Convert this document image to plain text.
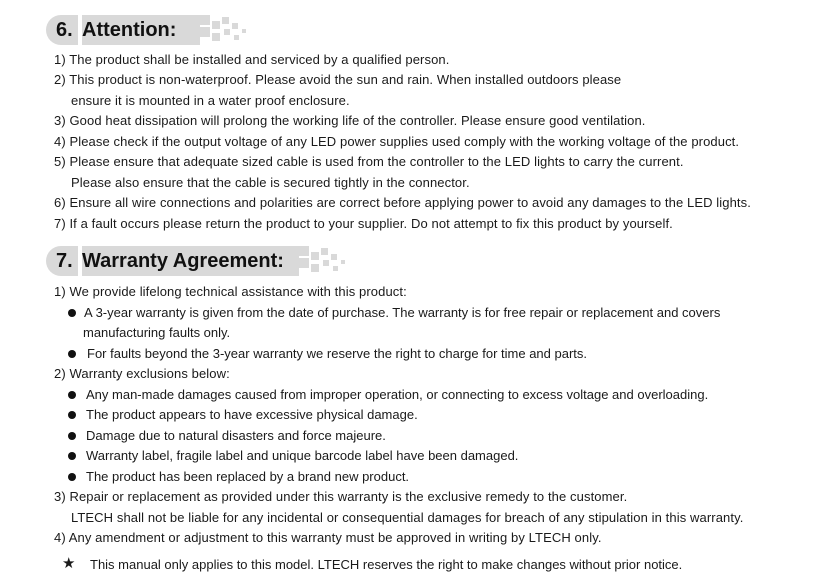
6. Attention:
1) The product shall be installed and serviced by a qualified person.
2) This product is non-waterproof. Please avoid the sun and rain. When installed outdoors please
ensure it is mounted in a water proof enclosure.
3) Good heat dissipation will prolong the working life of the controller. Please ensure good ventilation.
4) Please check if the output voltage of any LED power supplies used comply with the working voltage of the product.
5) Please ensure that adequate sized cable is used from the controller to the LED lights to carry the current.
Please also ensure that the cable is secured tightly in the connector.
6) Ensure all wire connections and polarities are correct before applying power to avoid any damages to the LED lights.
7) If a fault occurs please return the product to your supplier. Do not attempt to fix this product by yourself.
7. Warranty Agreement:
1) We provide lifelong technical assistance with this product:
A 3-year warranty is given from the date of purchase. The warranty is for free repair or replacement and covers
manufacturing faults only.
For faults beyond the 3-year warranty we reserve the right to charge for time and parts.
2) Warranty exclusions below:
Any man-made damages caused from improper operation, or connecting to excess voltage and overloading.
The product appears to have excessive physical damage.
Damage due to natural disasters and force majeure.
Warranty label, fragile label and unique barcode label have been damaged.
The product has been replaced by a brand new product.
3) Repair or replacement as provided under this warranty is the exclusive remedy to the customer.
LTECH shall not be liable for any incidental or consequential damages for breach of any stipulation in this warranty.
4) Any amendment or adjustment to this warranty must be approved in writing by LTECH only.
★ This manual only applies to this model. LTECH reserves the right to make changes without prior notice.
